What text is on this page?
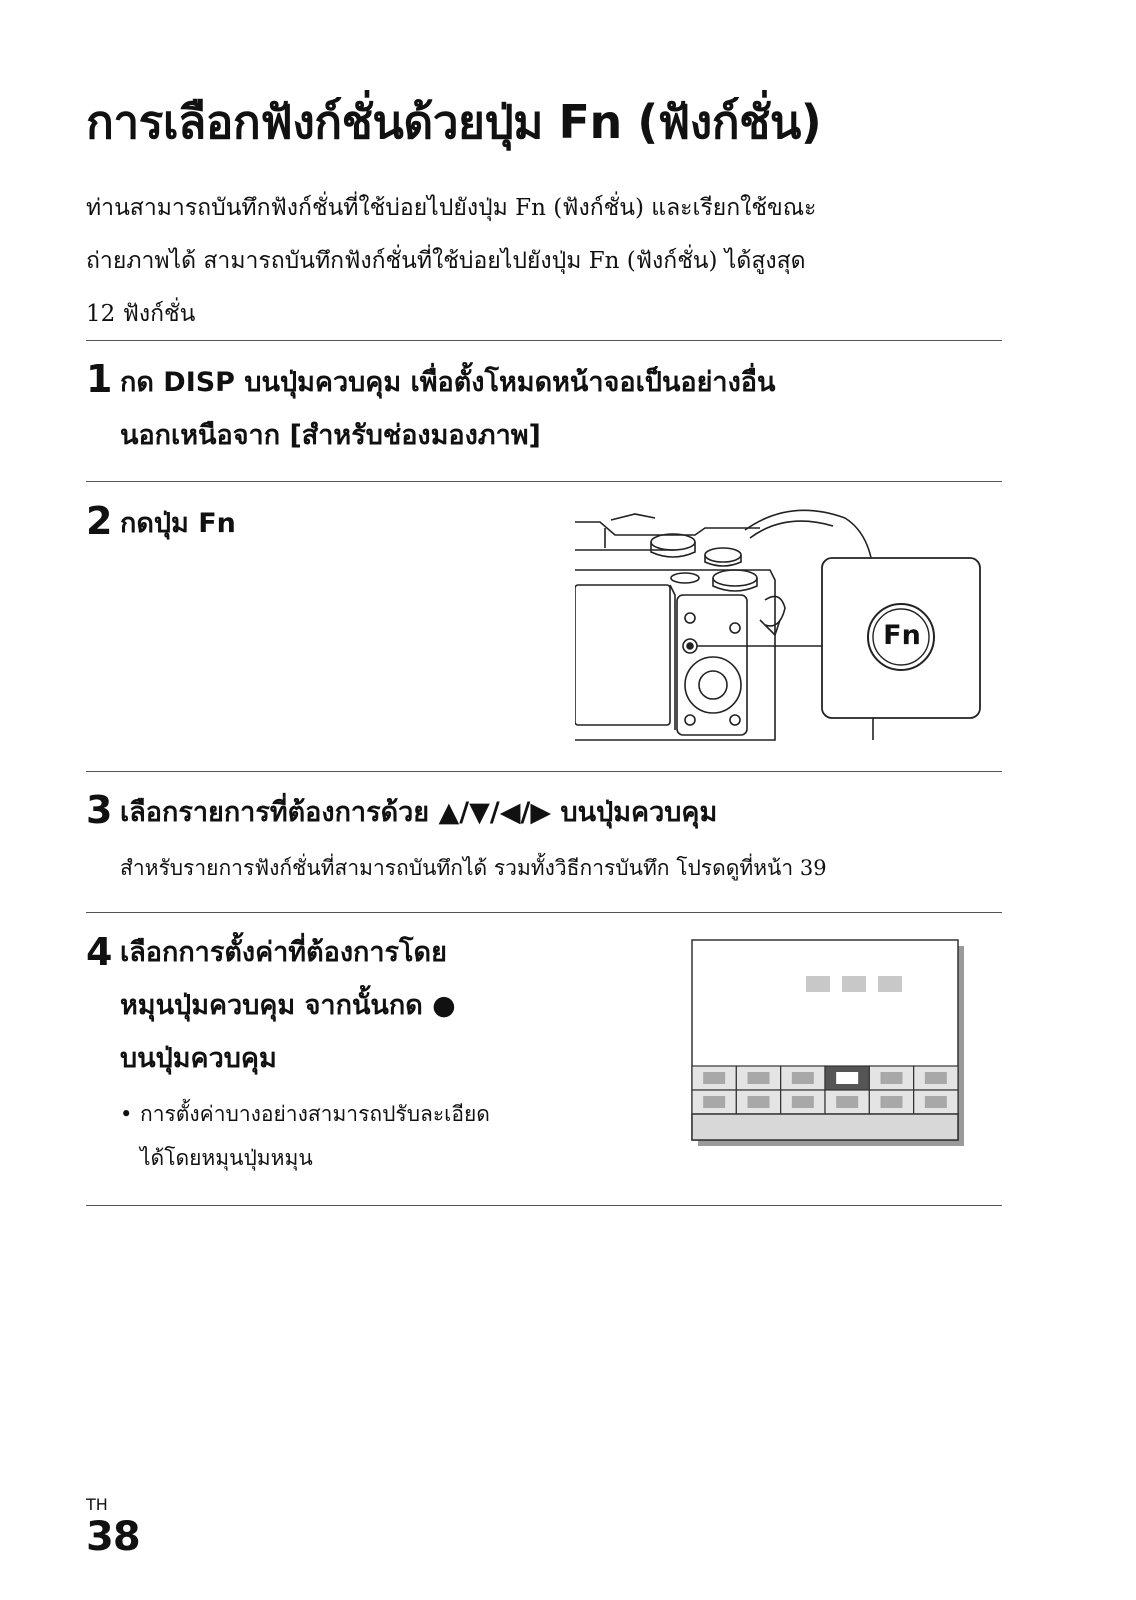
การเลือกฟังก์ชั่นด้วยปุ่ม Fn (ฟังก์ชั่น)

ท่านสามารถบันทึกฟังก์ชั่นที่ใช้บ่อยไปยังปุ่ม Fn (ฟังก์ชั่น) และเรียกใช้ขณะ

ถ่ายภาพได้ สามารถบันทึกฟังก์ชั่นที่ใช้บ่อยไปยังปุ่ม Fn (ฟังก์ชั่น) ได้สูงสุด

12 ฟังก์ชั่น

1 กด DISP บนปุ่มควบคุม เพื่อตั้งโหมดหน้าจอเป็นอย่างอื่น
นอกเหนือจาก [สำหรับช่องมองภาพ]
2 กดปุ่ม Fn
Fn
3 เลือกรายการที่ต้องการด้วย ▲/▼/◀/▶ บนปุ่มควบคุม
สำหรับรายการฟังก์ชั่นที่สามารถบันทึกได้ รวมทั้งวิธีการบันทึก โปรดดูที่หน้า 39
4 เลือกการตั้งค่าที่ต้องการโดย
หมุนปุ่มควบคุม จากนั้นกด ●
บนปุ่มควบคุม
• การตั้งค่าบางอย่างสามารถปรับละเอียด
ได้โดยหมุนปุ่มหมุน
TH
38
